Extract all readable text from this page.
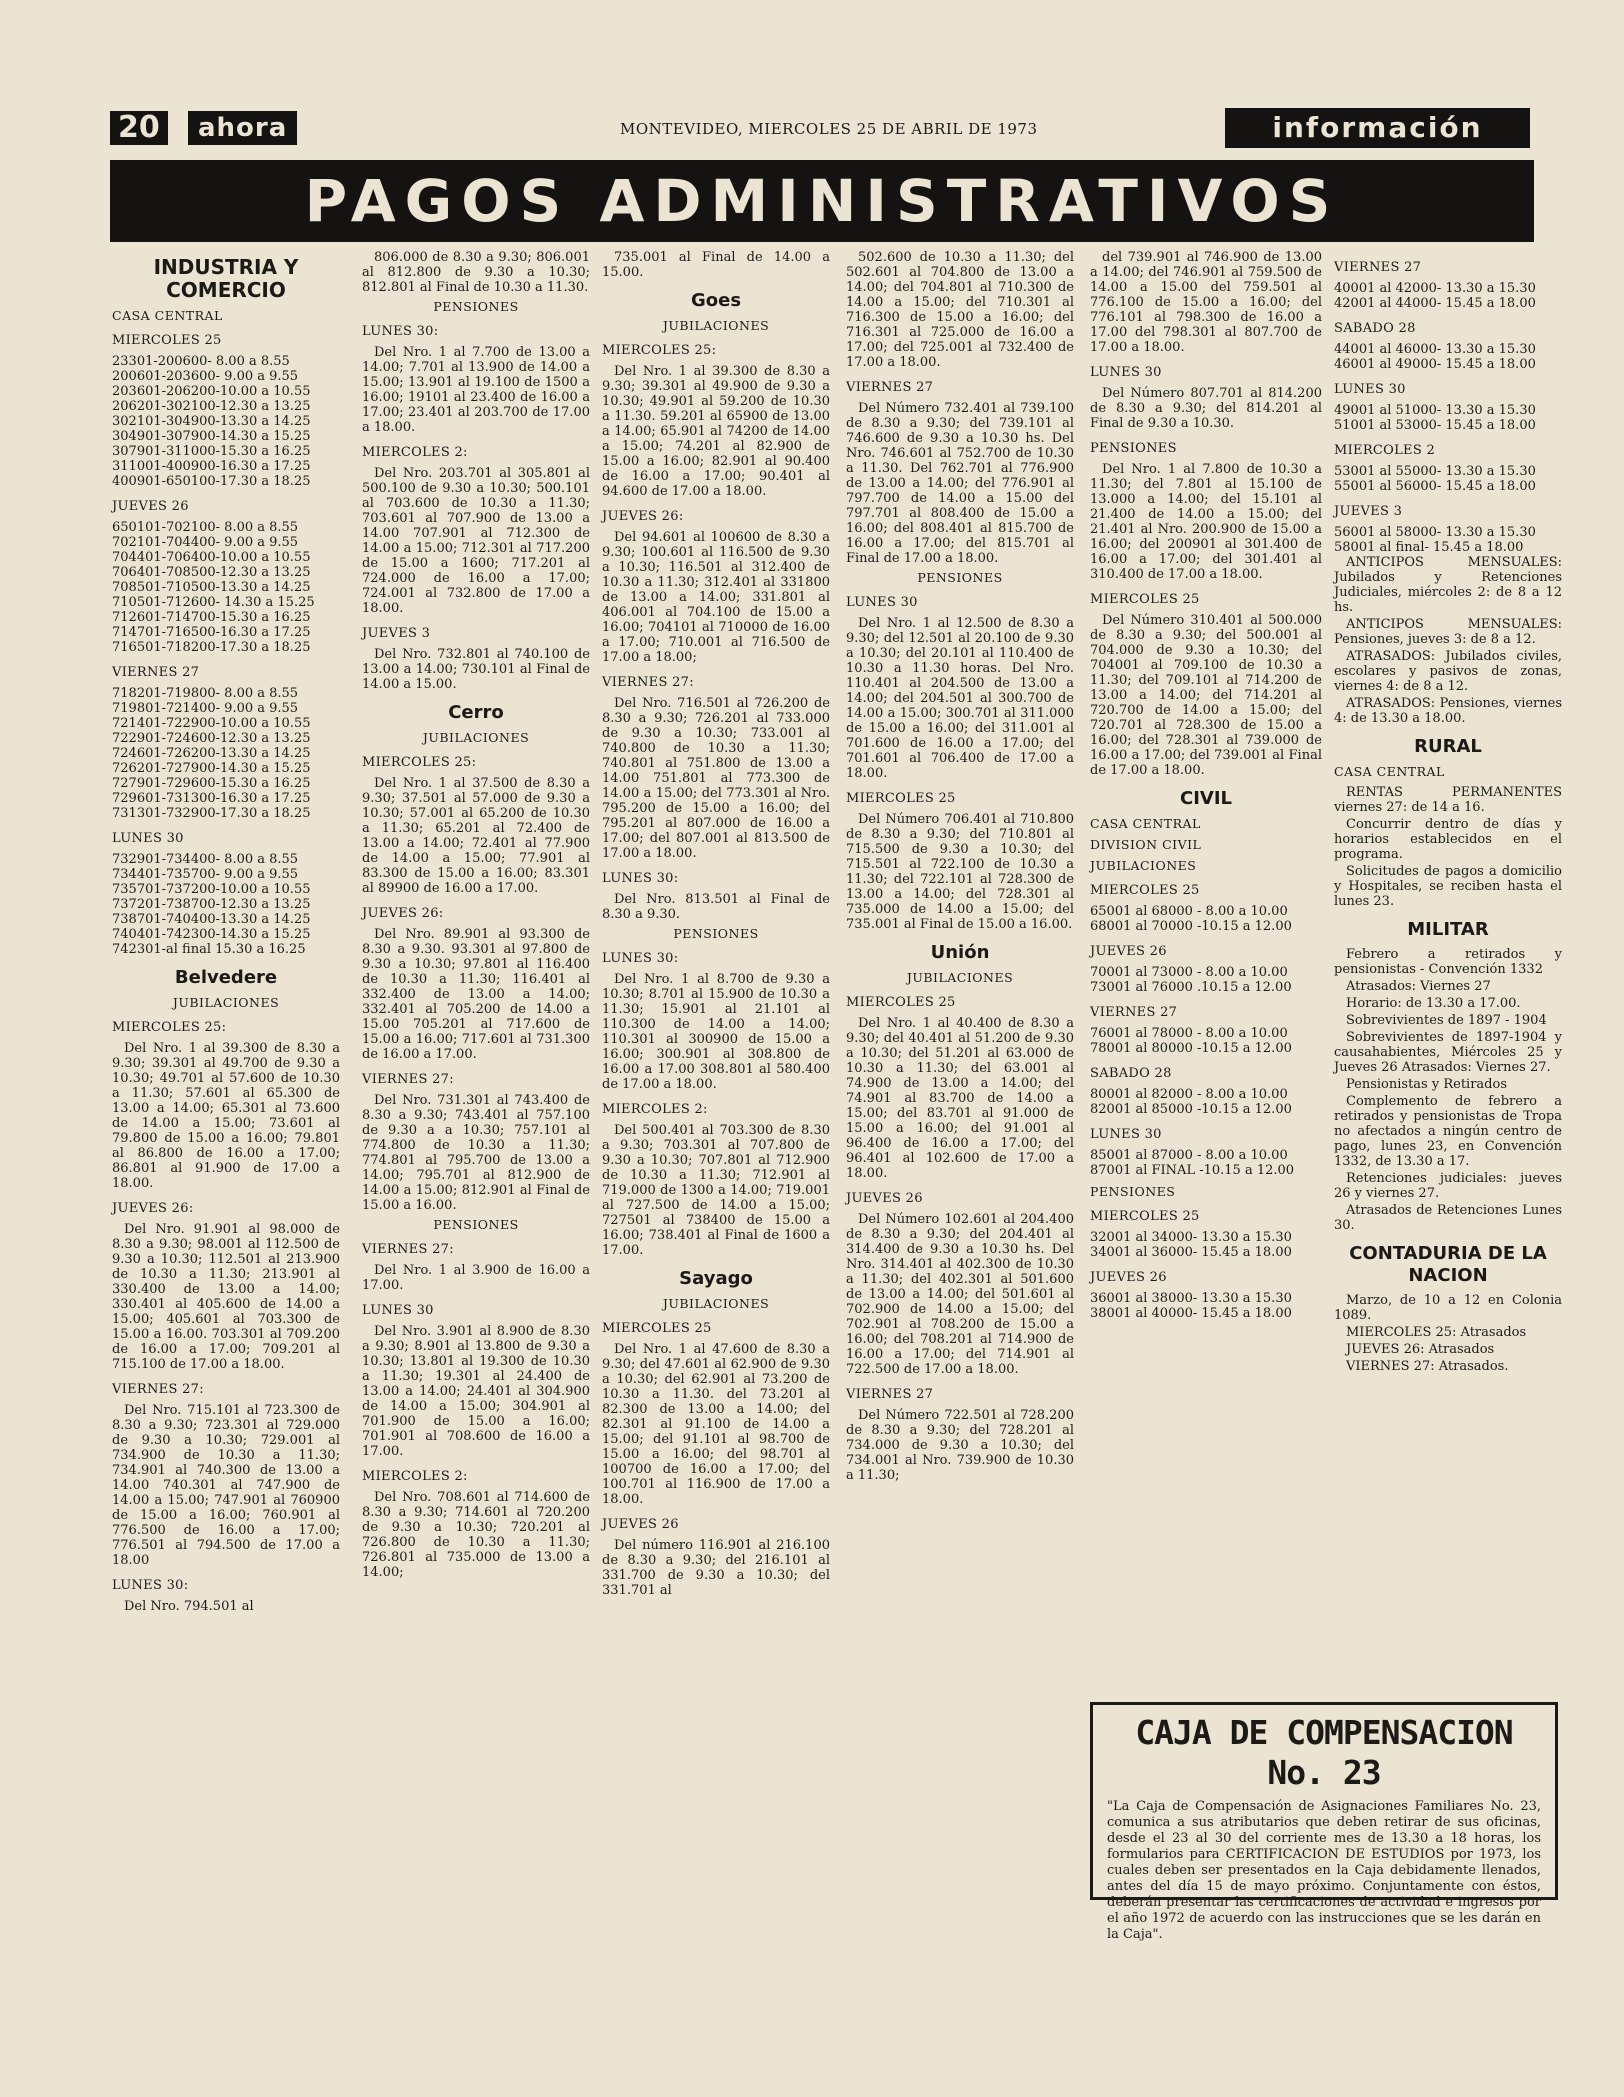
20	ahora	MONTEVIDEO, MIERCOLES 25 DE ABRIL DE 1973	información
PAGOS ADMINISTRATIVOS
INDUSTRIA Y COMERCIO
CASA CENTRAL
MIERCOLES 25
23301-200600- 8.00 a 8.55
200601-203600- 9.00 a 9.55
203601-206200-10.00 a 10.55
206201-302100-12.30 a 13.25
302101-304900-13.30 a 14.25
304901-307900-14.30 a 15.25
307901-311000-15.30 a 16.25
311001-400900-16.30 a 17.25
400901-650100-17.30 a 18.25
JUEVES 26
650101-702100- 8.00 a 8.55
702101-704400- 9.00 a 9.55
704401-706400-10.00 a 10.55
706401-708500-12.30 a 13.25
708501-710500-13.30 a 14.25
710501-712600- 14.30 a 15.25
712601-714700-15.30 a 16.25
714701-716500-16.30 a 17.25
716501-718200-17.30 a 18.25
VIERNES 27
718201-719800- 8.00 a 8.55
719801-721400- 9.00 a 9.55
721401-722900-10.00 a 10.55
722901-724600-12.30 a 13.25
724601-726200-13.30 a 14.25
726201-727900-14.30 a 15.25
727901-729600-15.30 a 16.25
729601-731300-16.30 a 17.25
731301-732900-17.30 a 18.25
LUNES 30
732901-734400- 8.00 a 8.55
734401-735700- 9.00 a 9.55
735701-737200-10.00 a 10.55
737201-738700-12.30 a 13.25
738701-740400-13.30 a 14.25
740401-742300-14.30 a 15.25
742301-al final 15.30 a 16.25
Belvedere
JUBILACIONES
MIERCOLES 25:

Del Nro. 1 al 39.300 de 8.30 a 9.30; 39.301 al 49.700 de 9.30 a 10.30; 49.701 al 57.600 de 10.30 a 11.30; 57.601 al 65.300 de 13.00 a 14.00; 65.301 al 73.600 de 14.00 a 15.00; 73.601 al 79.800 de 15.00 a 16.00; 79.801 al 86.800 de 16.00 a 17.00; 86.801 al 91.900 de 17.00 a 18.00.

JUEVES 26:

Del Nro. 91.901 al 98.000 de 8.30 a 9.30; 98.001 al 112.500 de 9.30 a 10.30; 112.501 al 213.900 de 10.30 a 11.30; 213.901 al 330.400 de 13.00 a 14.00; 330.401 al 405.600 de 14.00 a 15.00; 405.601 al 703.300 de 15.00 a 16.00. 703.301 al 709.200 de 16.00 a 17.00; 709.201 al 715.100 de 17.00 a 18.00.

VIERNES 27:

Del Nro. 715.101 al 723.300 de 8.30 a 9.30; 723.301 al 729.000 de 9.30 a 10.30; 729.001 al 734.900 de 10.30 a 11.30; 734.901 al 740.300 de 13.00 a 14.00 740.301 al 747.900 de 14.00 a 15.00; 747.901 al 760900 de 15.00 a 16.00; 760.901 al 776.500 de 16.00 a 17.00; 776.501 al 794.500 de 17.00 a 18.00

LUNES 30:

Del Nro. 794.501 al

806.000 de 8.30 a 9.30; 806.001 al 812.800 de 9.30 a 10.30; 812.801 al Final de 10.30 a 11.30.

PENSIONES
LUNES 30:

Del Nro. 1 al 7.700 de 13.00 a 14.00; 7.701 al 13.900 de 14.00 a 15.00; 13.901 al 19.100 de 1500 a 16.00; 19101 al 23.400 de 16.00 a 17.00; 23.401 al 203.700 de 17.00 a 18.00.

MIERCOLES 2:

Del Nro. 203.701 al 305.801 al 500.100 de 9.30 a 10.30; 500.101 al 703.600 de 10.30 a 11.30; 703.601 al 707.900 de 13.00 a 14.00 707.901 al 712.300 de 14.00 a 15.00; 712.301 al 717.200 de 15.00 a 1600; 717.201 al 724.000 de 16.00 a 17.00; 724.001 al 732.800 de 17.00 a 18.00.

JUEVES 3

Del Nro. 732.801 al 740.100 de 13.00 a 14.00; 730.101 al Final de 14.00 a 15.00.

Cerro
JUBILACIONES
MIERCOLES 25:

Del Nro. 1 al 37.500 de 8.30 a 9.30; 37.501 al 57.000 de 9.30 a 10.30; 57.001 al 65.200 de 10.30 a 11.30; 65.201 al 72.400 de 13.00 a 14.00; 72.401 al 77.900 de 14.00 a 15.00; 77.901 al 83.300 de 15.00 a 16.00; 83.301 al 89900 de 16.00 a 17.00.

JUEVES 26:

Del Nro. 89.901 al 93.300 de 8.30 a 9.30. 93.301 al 97.800 de 9.30 a 10.30; 97.801 al 116.400 de 10.30 a 11.30; 116.401 al 332.400 de 13.00 a 14.00; 332.401 al 705.200 de 14.00 a 15.00 705.201 al 717.600 de 15.00 a 16.00; 717.601 al 731.300 de 16.00 a 17.00.

VIERNES 27:

Del Nro. 731.301 al 743.400 de 8.30 a 9.30; 743.401 al 757.100 de 9.30 a a 10.30; 757.101 al 774.800 de 10.30 a 11.30; 774.801 al 795.700 de 13.00 a 14.00; 795.701 al 812.900 de 14.00 a 15.00; 812.901 al Final de 15.00 a 16.00.

PENSIONES
VIERNES 27:

Del Nro. 1 al 3.900 de 16.00 a 17.00.

LUNES 30

Del Nro. 3.901 al 8.900 de 8.30 a 9.30; 8.901 al 13.800 de 9.30 a 10.30; 13.801 al 19.300 de 10.30 a 11.30; 19.301 al 24.400 de 13.00 a 14.00; 24.401 al 304.900 de 14.00 a 15.00; 304.901 al 701.900 de 15.00 a 16.00; 701.901 al 708.600 de 16.00 a 17.00.

MIERCOLES 2:

Del Nro. 708.601 al 714.600 de 8.30 a 9.30; 714.601 al 720.200 de 9.30 a 10.30; 720.201 al 726.800 de 10.30 a 11.30; 726.801 al 735.000 de 13.00 a 14.00;

735.001 al Final de 14.00 a 15.00.

Goes
JUBILACIONES
MIERCOLES 25:

Del Nro. 1 al 39.300 de 8.30 a 9.30; 39.301 al 49.900 de 9.30 a 10.30; 49.901 al 59.200 de 10.30 a 11.30. 59.201 al 65900 de 13.00 a 14.00; 65.901 al 74200 de 14.00 a 15.00; 74.201 al 82.900 de 15.00 a 16.00; 82.901 al 90.400 de 16.00 a 17.00; 90.401 al 94.600 de 17.00 a 18.00.

JUEVES 26:

Del 94.601 al 100600 de 8.30 a 9.30; 100.601 al 116.500 de 9.30 a 10.30; 116.501 al 312.400 de 10.30 a 11.30; 312.401 al 331800 de 13.00 a 14.00; 331.801 al 406.001 al 704.100 de 15.00 a 16.00; 704101 al 710000 de 16.00 a 17.00; 710.001 al 716.500 de 17.00 a 18.00;

VIERNES 27:

Del Nro. 716.501 al 726.200 de 8.30 a 9.30; 726.201 al 733.000 de 9.30 a 10.30; 733.001 al 740.800 de 10.30 a 11.30; 740.801 al 751.800 de 13.00 a 14.00 751.801 al 773.300 de 14.00 a 15.00; del 773.301 al Nro. 795.200 de 15.00 a 16.00; del 795.201 al 807.000 de 16.00 a 17.00; del 807.001 al 813.500 de 17.00 a 18.00.

LUNES 30:

Del Nro. 813.501 al Final de 8.30 a 9.30.

PENSIONES
LUNES 30:

Del Nro. 1 al 8.700 de 9.30 a 10.30; 8.701 al 15.900 de 10.30 a 11.30; 15.901 al 21.101 al 110.300 de 14.00 a 14.00; 110.301 al 300900 de 15.00 a 16.00; 300.901 al 308.800 de 16.00 a 17.00 308.801 al 580.400 de 17.00 a 18.00.

MIERCOLES 2:

Del 500.401 al 703.300 de 8.30 a 9.30; 703.301 al 707.800 de 9.30 a 10.30; 707.801 al 712.900 de 10.30 a 11.30; 712.901 al 719.000 de 1300 a 14.00; 719.001 al 727.500 de 14.00 a 15.00; 727501 al 738400 de 15.00 a 16.00; 738.401 al Final de 1600 a 17.00.

Sayago
JUBILACIONES
MIERCOLES 25

Del Nro. 1 al 47.600 de 8.30 a 9.30; del 47.601 al 62.900 de 9.30 a 10.30; del 62.901 al 73.200 de 10.30 a 11.30. del 73.201 al 82.300 de 13.00 a 14.00; del 82.301 al 91.100 de 14.00 a 15.00; del 91.101 al 98.700 de 15.00 a 16.00; del 98.701 al 100700 de 16.00 a 17.00; del 100.701 al 116.900 de 17.00 a 18.00.

JUEVES 26

Del número 116.901 al 216.100 de 8.30 a 9.30; del 216.101 al 331.700 de 9.30 a 10.30; del 331.701 al

502.600 de 10.30 a 11.30; del 502.601 al 704.800 de 13.00 a 14.00; del 704.801 al 710.300 de 14.00 a 15.00; del 710.301 al 716.300 de 15.00 a 16.00; del 716.301 al 725.000 de 16.00 a 17.00; del 725.001 al 732.400 de 17.00 a 18.00.

VIERNES 27

Del Número 732.401 al 739.100 de 8.30 a 9.30; del 739.101 al 746.600 de 9.30 a 10.30 hs. Del Nro. 746.601 al 752.700 de 10.30 a 11.30. Del 762.701 al 776.900 de 13.00 a 14.00; del 776.901 al 797.700 de 14.00 a 15.00 del 797.701 al 808.400 de 15.00 a 16.00; del 808.401 al 815.700 de 16.00 a 17.00; del 815.701 al Final de 17.00 a 18.00.

PENSIONES
LUNES 30

Del Nro. 1 al 12.500 de 8.30 a 9.30; del 12.501 al 20.100 de 9.30 a 10.30; del 20.101 al 110.400 de 10.30 a 11.30 horas. Del Nro. 110.401 al 204.500 de 13.00 a 14.00; del 204.501 al 300.700 de 14.00 a 15.00; 300.701 al 311.000 de 15.00 a 16.00; del 311.001 al 701.600 de 16.00 a 17.00; del 701.601 al 706.400 de 17.00 a 18.00.

MIERCOLES 25

Del Número 706.401 al 710.800 de 8.30 a 9.30; del 710.801 al 715.500 de 9.30 a 10.30; del 715.501 al 722.100 de 10.30 a 11.30; del 722.101 al 728.300 de 13.00 a 14.00; del 728.301 al 735.000 de 14.00 a 15.00; del 735.001 al Final de 15.00 a 16.00.

Unión
JUBILACIONES
MIERCOLES 25

Del Nro. 1 al 40.400 de 8.30 a 9.30; del 40.401 al 51.200 de 9.30 a 10.30; del 51.201 al 63.000 de 10.30 a 11.30; del 63.001 al 74.900 de 13.00 a 14.00; del 74.901 al 83.700 de 14.00 a 15.00; del 83.701 al 91.000 de 15.00 a 16.00; del 91.001 al 96.400 de 16.00 a 17.00; del 96.401 al 102.600 de 17.00 a 18.00.

JUEVES 26

Del Número 102.601 al 204.400 de 8.30 a 9.30; del 204.401 al 314.400 de 9.30 a 10.30 hs. Del Nro. 314.401 al 402.300 de 10.30 a 11.30; del 402.301 al 501.600 de 13.00 a 14.00; del 501.601 al 702.900 de 14.00 a 15.00; del 702.901 al 708.200 de 15.00 a 16.00; del 708.201 al 714.900 de 16.00 a 17.00; del 714.901 al 722.500 de 17.00 a 18.00.

VIERNES 27

Del Número 722.501 al 728.200 de 8.30 a 9.30; del 728.201 al 734.000 de 9.30 a 10.30; del 734.001 al Nro. 739.900 de 10.30 a 11.30;

del 739.901 al 746.900 de 13.00 a 14.00; del 746.901 al 759.500 de 14.00 a 15.00 del 759.501 al 776.100 de 15.00 a 16.00; del 776.101 al 798.300 de 16.00 a 17.00 del 798.301 al 807.700 de 17.00 a 18.00.

LUNES 30

Del Número 807.701 al 814.200 de 8.30 a 9.30; del 814.201 al Final de 9.30 a 10.30.

PENSIONES

Del Nro. 1 al 7.800 de 10.30 a 11.30; del 7.801 al 15.100 de 13.000 a 14.00; del 15.101 al 21.400 de 14.00 a 15.00; del 21.401 al Nro. 200.900 de 15.00 a 16.00; del 200901 al 301.400 de 16.00 a 17.00; del 301.401 al 310.400 de 17.00 a 18.00.

MIERCOLES 25

Del Número 310.401 al 500.000 de 8.30 a 9.30; del 500.001 al 704.000 de 9.30 a 10.30; del 704001 al 709.100 de 10.30 a 11.30; del 709.101 al 714.200 de 13.00 a 14.00; del 714.201 al 720.700 de 14.00 a 15.00; del 720.701 al 728.300 de 15.00 a 16.00; del 728.301 al 739.000 de 16.00 a 17.00; del 739.001 al Final de 17.00 a 18.00.

CIVIL
CASA CENTRAL
DIVISION CIVIL
JUBILACIONES
MIERCOLES 25
65001 al 68000 - 8.00 a 10.00
68001 al 70000 -10.15 a 12.00
JUEVES 26
70001 al 73000 - 8.00 a 10.00
73001 al 76000 .10.15 a 12.00
VIERNES 27
76001 al 78000 - 8.00 a 10.00
78001 al 80000 -10.15 a 12.00
SABADO 28
80001 al 82000 - 8.00 a 10.00
82001 al 85000 -10.15 a 12.00
LUNES 30
85001 al 87000 - 8.00 a 10.00
87001 al FINAL -10.15 a 12.00
PENSIONES
MIERCOLES 25
32001 al 34000- 13.30 a 15.30
34001 al 36000- 15.45 a 18.00
JUEVES 26
36001 al 38000- 13.30 a 15.30
38001 al 40000- 15.45 a 18.00
VIERNES 27
40001 al 42000- 13.30 a 15.30
42001 al 44000- 15.45 a 18.00
SABADO 28
44001 al 46000- 13.30 a 15.30
46001 al 49000- 15.45 a 18.00
LUNES 30
49001 al 51000- 13.30 a 15.30
51001 al 53000- 15.45 a 18.00
MIERCOLES 2
53001 al 55000- 13.30 a 15.30
55001 al 56000- 15.45 a 18.00
JUEVES 3
56001 al 58000- 13.30 a 15.30
58001 al final- 15.45 a 18.00

ANTICIPOS MENSUALES: Jubilados y Retenciones Judiciales, miércoles 2: de 8 a 12 hs.

ANTICIPOS MENSUALES: Pensiones, jueves 3: de 8 a 12.

ATRASADOS: Jubilados civiles, escolares y pasivos de zonas, viernes 4: de 8 a 12.

ATRASADOS: Pensiones, viernes 4: de 13.30 a 18.00.

RURAL
CASA CENTRAL

RENTAS PERMANENTES viernes 27: de 14 a 16.

Concurrir dentro de días y horarios establecidos en el programa.

Solicitudes de pagos a domicilio y Hospitales, se reciben hasta el lunes 23.

MILITAR

Febrero a retirados y pensionistas - Convención 1332

Atrasados: Viernes 27

Horario: de 13.30 a 17.00.

Sobrevivientes de 1897 - 1904

Sobrevivientes de 1897-1904 y causahabientes, Miércoles 25 y Jueves 26 Atrasados: Viernes 27.

Pensionistas y Retirados

Complemento de febrero a retirados y pensionistas de Tropa no afectados a ningún centro de pago, lunes 23, en Convención 1332, de 13.30 a 17.

Retenciones judiciales: jueves 26 y viernes 27.

Atrasados de Retenciones Lunes 30.

CONTADURIA DE LA NACION

Marzo, de 10 a 12 en Colonia 1089.

MIERCOLES 25: Atrasados

JUEVES 26: Atrasados

VIERNES 27: Atrasados.

CAJA DE COMPENSACION No. 23
"La Caja de Compensación de Asignaciones Familiares No. 23, comunica a sus atributarios que deben retirar de sus oficinas, desde el 23 al 30 del corriente mes de 13.30 a 18 horas, los formularios para CERTIFICACION DE ESTUDIOS por 1973, los cuales deben ser presentados en la Caja debidamente llenados, antes del día 15 de mayo próximo. Conjuntamente con éstos, deberán presentar las certificaciones de actividad e ingresos por el año 1972 de acuerdo con las instrucciones que se les darán en la Caja".
